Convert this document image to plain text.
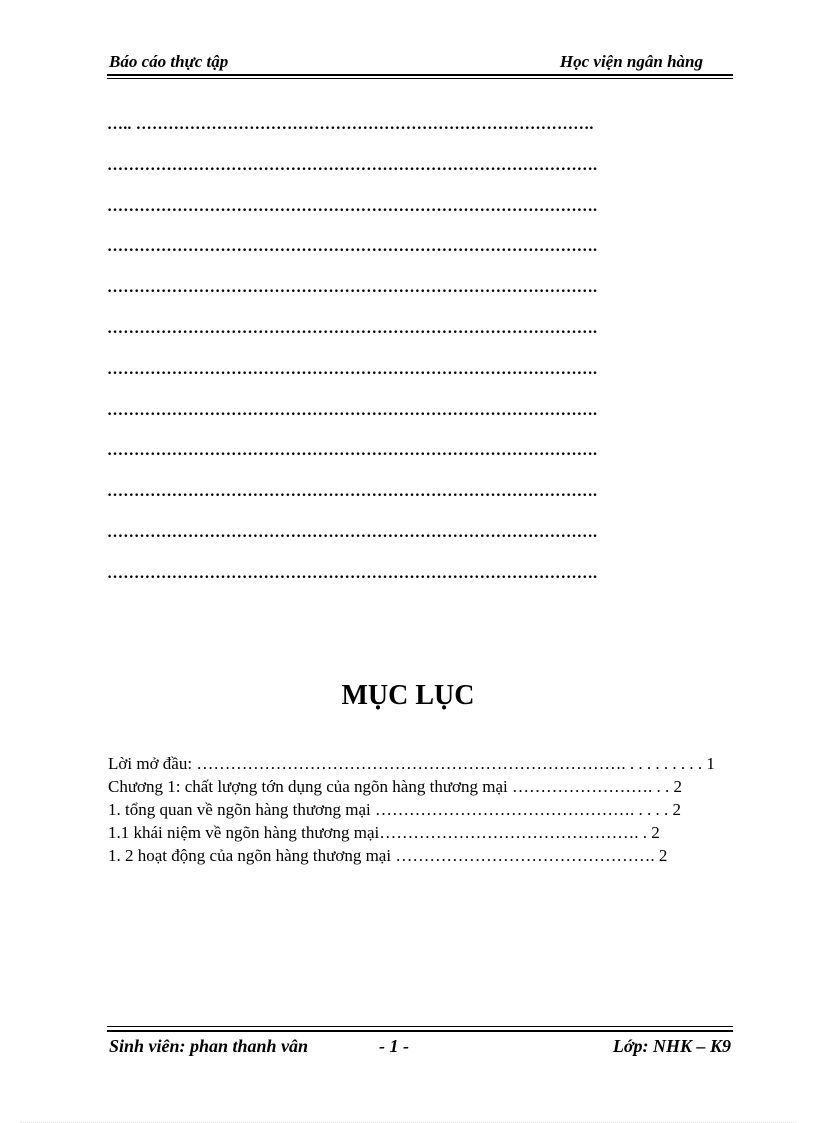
Báo cáo thực tập	Học viện ngân hàng
….. ………………………………………………………………………….
……………………………………………………………………………….
……………………………………………………………………………….
……………………………………………………………………………….
……………………………………………………………………………….
……………………………………………………………………………….
……………………………………………………………………………….
……………………………………………………………………………….
……………………………………………………………………………….
……………………………………………………………………………….
……………………………………………………………………………….
……………………………………………………………………………….
MỤC LỤC

Lời mở đầu: …………………………………………………………………. . . . . . . . . . 1

Chương 1: chất lượng tớn dụng của ngõn hàng thương mại ……………………. . . 2

1. tổng quan về ngõn hàng thương mại ………………………………………. . . . . 2

1.1 khái niệm về ngõn hàng thương mại………………………………………. . 2

1. 2 hoạt động của ngõn hàng thương mại ………………………………………. 2

Sinh viên: phan thanh vân	- 1 -	Lớp: NHK – K9
